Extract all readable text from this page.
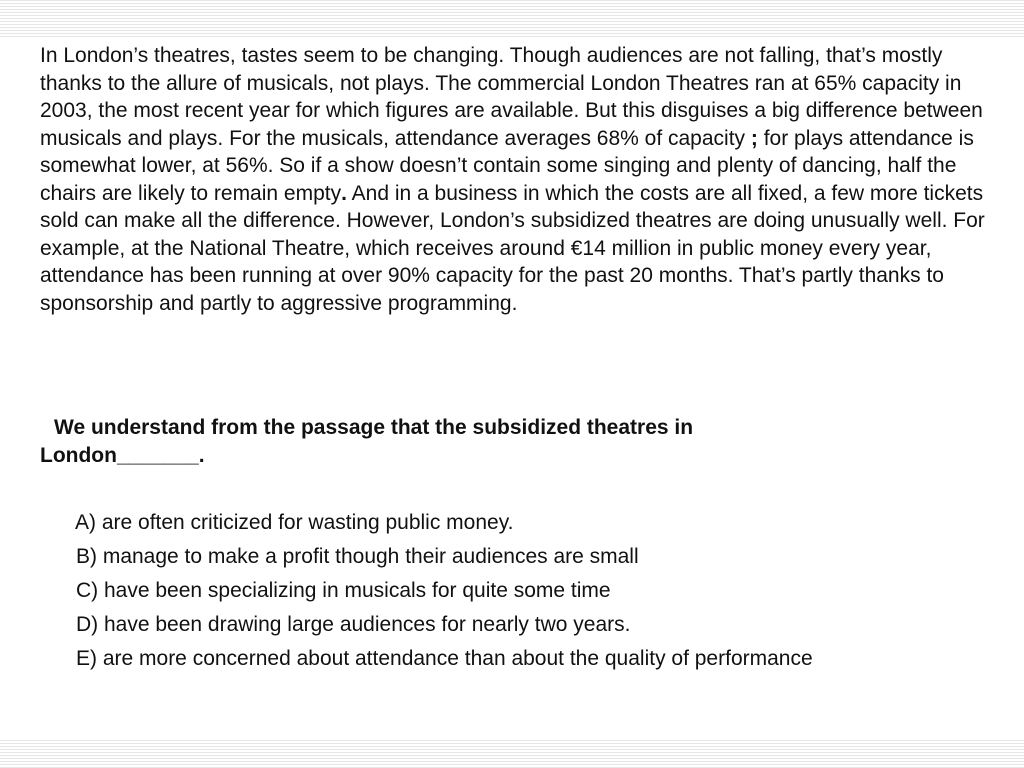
In London’s theatres, tastes seem to be changing. Though audiences are not falling, that’s mostly thanks to the allure of musicals, not plays. The commercial London Theatres ran at 65% capacity in 2003, the most recent year for which figures are available. But this disguises a big difference between musicals and plays. For the musicals, attendance averages 68% of capacity ; for plays attendance is somewhat lower, at 56%. So if a show doesn’t contain some singing and plenty of dancing, half the chairs are likely to remain empty. And in a business in which the costs are all fixed, a few more tickets sold can make all the difference. However, London’s subsidized theatres are doing unusually well. For example, at the National Theatre, which receives around €14 million in public money every year, attendance has been running at over 90% capacity for the past 20 months. That’s partly thanks to sponsorship and partly to aggressive programming.

We understand from the passage that the subsidized theatres in
London_______.

A) are often criticized for wasting public money.
B) manage to make a profit though their audiences are small
C) have been specializing in musicals for quite some time
D) have been drawing large audiences for nearly two years.
E) are more concerned about attendance than about the quality of performance
